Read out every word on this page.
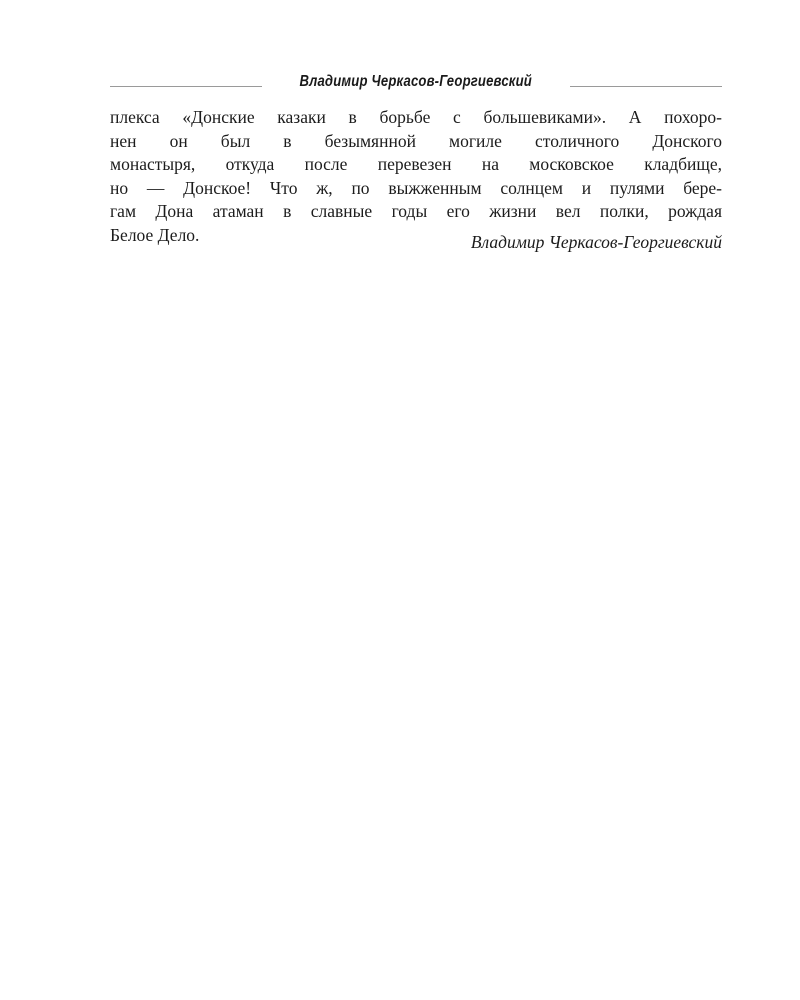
Владимир Черкасов-Георгиевский
плекса «Донские казаки в борьбе с большевиками». А похоро-
нен он был в безымянной могиле столичного Донского
монастыря, откуда после перевезен на московское кладбище,
но — Донское! Что ж, по выжженным солнцем и пулями бере-
гам Дона атаман в славные годы его жизни вел полки, рождая
Белое Дело.	Владимир Черкасов-Георгиевский
